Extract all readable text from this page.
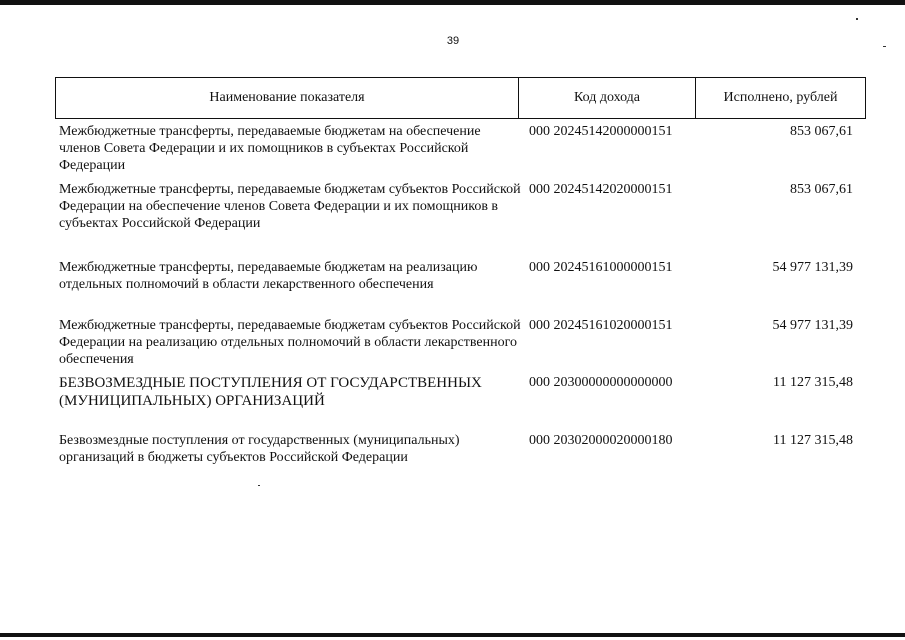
39
Наименование показателя	Код дохода	Исполнено, рублей
Межбюджетные трансферты, передаваемые бюджетам на обеспечение членов Совета Федерации и их помощников в субъектах Российской Федерации
000 20245142000000151	853 067,61
Межбюджетные трансферты, передаваемые бюджетам субъектов Российской Федерации на обеспечение членов Совета Федерации и их помощников в субъектах Российской Федерации
000 20245142020000151	853 067,61
Межбюджетные трансферты, передаваемые бюджетам на реализацию отдельных полномочий в области лекарственного обеспечения
000 20245161000000151	54 977 131,39
Межбюджетные трансферты, передаваемые бюджетам субъектов Российской Федерации на реализацию отдельных полномочий в области лекарственного обеспечения
000 20245161020000151	54 977 131,39
БЕЗВОЗМЕЗДНЫЕ ПОСТУПЛЕНИЯ ОТ ГОСУДАРСТВЕННЫХ (МУНИЦИПАЛЬНЫХ) ОРГАНИЗАЦИЙ
000 20300000000000000	11 127 315,48
Безвозмездные поступления от государственных (муниципальных) организаций в бюджеты субъектов Российской Федерации
000 20302000020000180	11 127 315,48
